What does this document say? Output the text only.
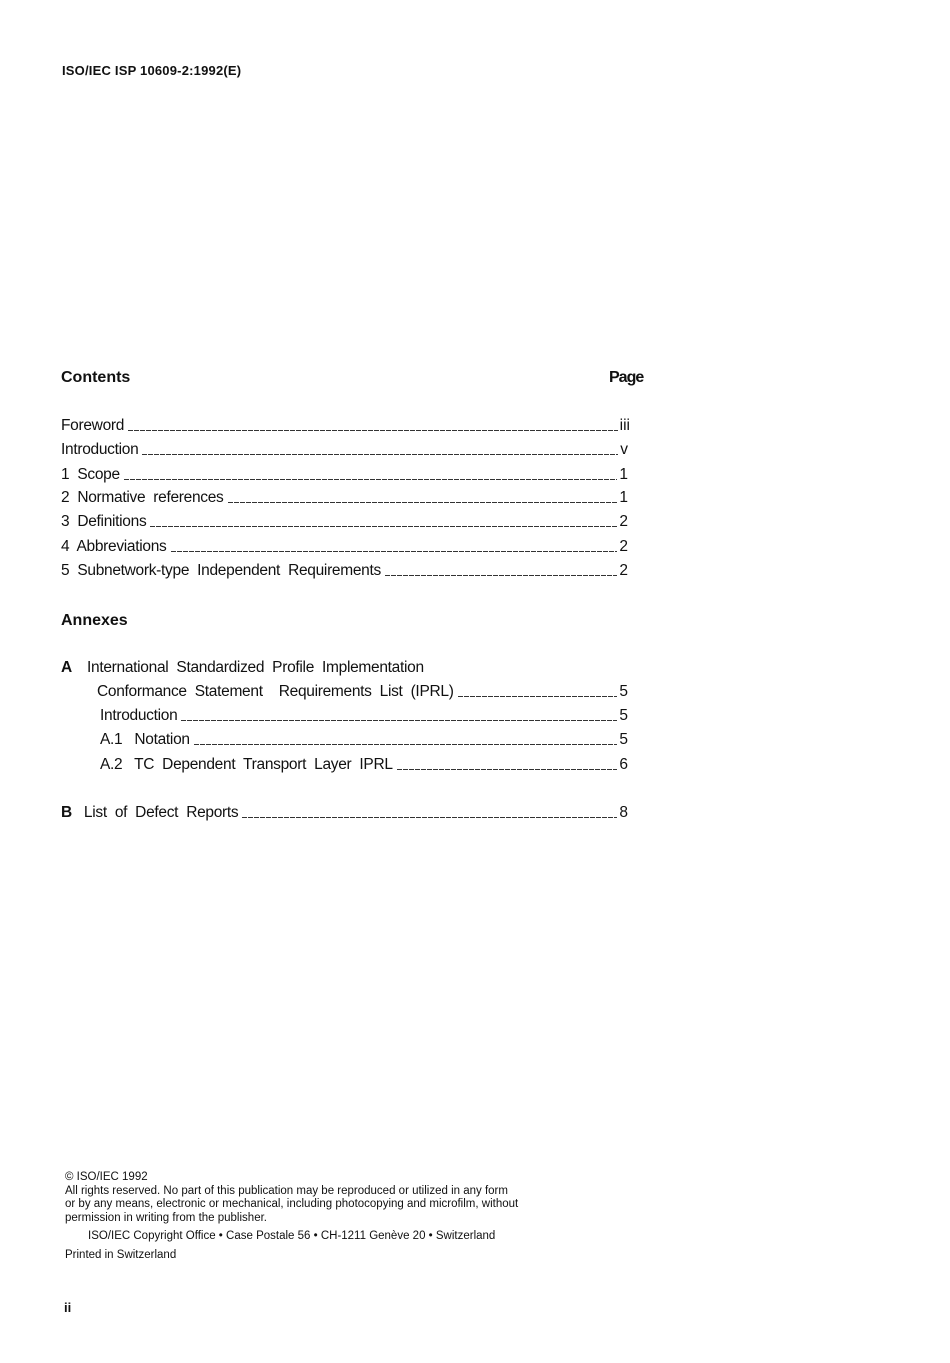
ISO/IEC ISP 10609-2:1992(E)
Contents	Page
Foreword	iii
Introduction	v
1  Scope	1
2  Normative  references	1
3  Definitions	2
4  Abbreviations	2
5  Subnetwork-type  Independent  Requirements	2
Annexes
A International  Standardized  Profile  Implementation
Conformance  Statement    Requirements  List  (IPRL)	5
Introduction	5
A.1   Notation	5
A.2   TC  Dependent  Transport  Layer  IPRL	6
B List  of  Defect  Reports	8
© ISO/IEC 1992
All rights reserved. No part of this publication may be reproduced or utilized in any form
or by any means, electronic or mechanical, including photocopying and microfilm, without
permission in writing from the publisher.
ISO/IEC Copyright Office • Case Postale 56 • CH-1211 Genève 20 • Switzerland
Printed in Switzerland
ii
